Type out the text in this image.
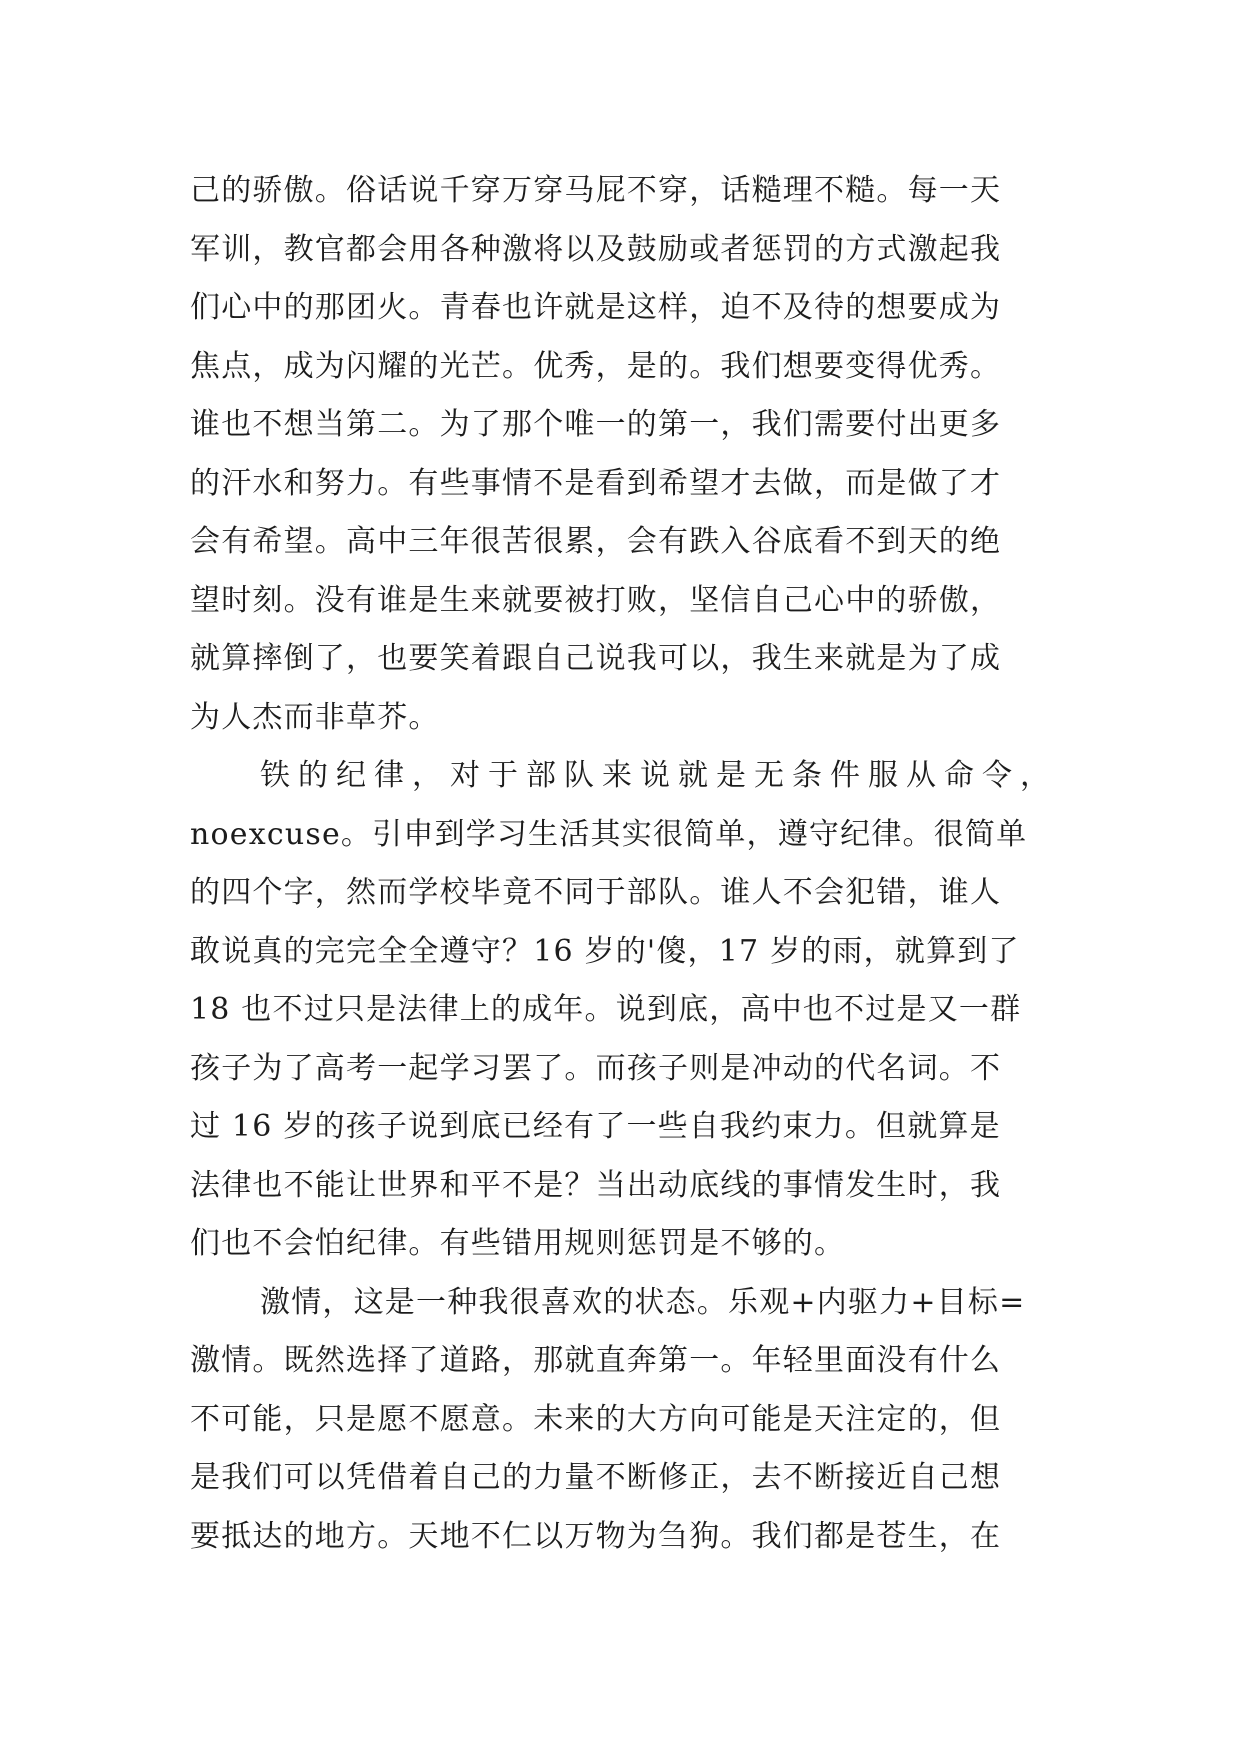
己的骄傲。俗话说千穿万穿马屁不穿，话糙理不糙。每一天
军训，教官都会用各种激将以及鼓励或者惩罚的方式激起我
们心中的那团火。青春也许就是这样，迫不及待的想要成为
焦点，成为闪耀的光芒。优秀，是的。我们想要变得优秀。
谁也不想当第二。为了那个唯一的第一，我们需要付出更多
的汗水和努力。有些事情不是看到希望才去做，而是做了才
会有希望。高中三年很苦很累，会有跌入谷底看不到天的绝
望时刻。没有谁是生来就要被打败，坚信自己心中的骄傲，
就算摔倒了，也要笑着跟自己说我可以，我生来就是为了成
为人杰而非草芥。
铁的纪律，对于部队来说就是无条件服从命令，
noexcuse。引申到学习生活其实很简单，遵守纪律。很简单
的四个字，然而学校毕竟不同于部队。谁人不会犯错，谁人
敢说真的完完全全遵守？16 岁的'傻，17 岁的雨，就算到了
18 也不过只是法律上的成年。说到底，高中也不过是又一群
孩子为了高考一起学习罢了。而孩子则是冲动的代名词。不
过 16 岁的孩子说到底已经有了一些自我约束力。但就算是
法律也不能让世界和平不是？当出动底线的事情发生时，我
们也不会怕纪律。有些错用规则惩罚是不够的。
激情，这是一种我很喜欢的状态。乐观+内驱力+目标=
激情。既然选择了道路，那就直奔第一。年轻里面没有什么
不可能，只是愿不愿意。未来的大方向可能是天注定的，但
是我们可以凭借着自己的力量不断修正，去不断接近自己想
要抵达的地方。天地不仁以万物为刍狗。我们都是苍生，在
